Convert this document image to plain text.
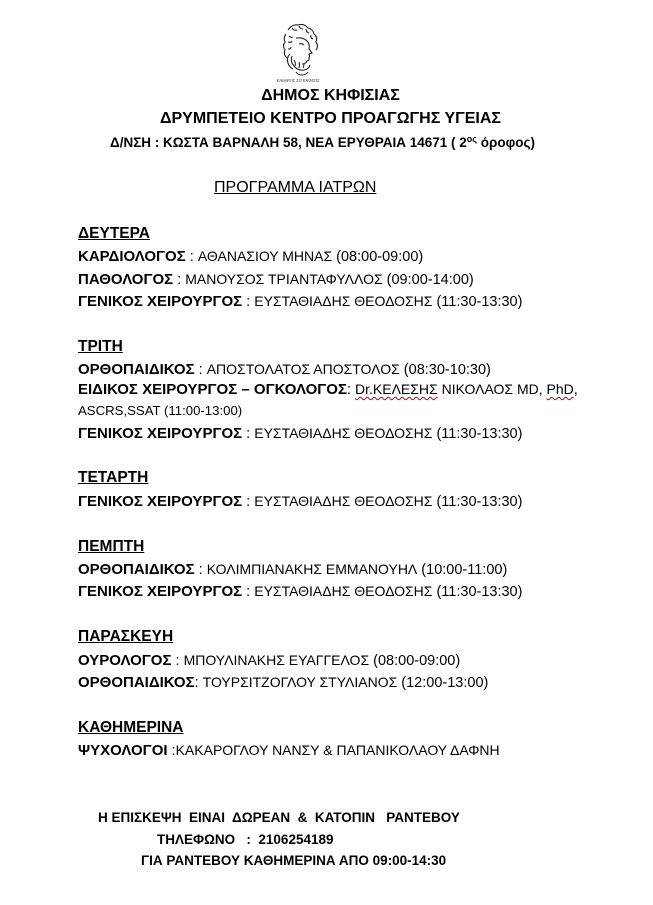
ΚΑΘΑΡΟΣ ΣΠ ΚΗΦΙΣΙΣ
ΔΗΜΟΣ ΚΗΦΙΣΙΑΣ
ΔΡΥΜΠΕΤΕΙΟ ΚΕΝΤΡΟ ΠΡΟΑΓΩΓΗΣ ΥΓΕΙΑΣ
Δ/ΝΣΗ : ΚΩΣΤΑ ΒΑΡΝΑΛΗ 58, ΝΕΑ ΕΡΥΘΡΑΙΑ 14671 ( $2^{o\varsigma}$ όροφος)
ΠΡΟΓΡΑΜΜΑ ΙΑΤΡΩΝ
ΔΕΥΤΕΡΑ
ΚΑΡΔΙΟΛΟΓΟΣ : ΑΘΑΝΑΣΙΟΥ ΜΗΝΑΣ (08:00-09:00)
ΠΑΘΟΛΟΓΟΣ : ΜΑΝΟΥΣΟΣ ΤΡΙΑΝΤΑΦΥΛΛΟΣ (09:00-14:00)
ΓΕΝΙΚΟΣ ΧΕΙΡΟΥΡΓΟΣ : ΕΥΣΤΑΘΙΑΔΗΣ ΘΕΟΔΟΣΗΣ (11:30-13:30)
ΤΡΙΤΗ
ΟΡΘΟΠΑΙΔΙΚΟΣ : ΑΠΟΣΤΟΛΑΤΟΣ ΑΠΟΣΤΟΛΟΣ (08:30-10:30)
ΕΙΔΙΚΟΣ ΧΕΙΡΟΥΡΓΟΣ – ΟΓΚΟΛΟΓΟΣ: Dr.ΚΕΛΕΣΗΣ ΝΙΚΟΛΑΟΣ MD, PhD,
ASCRS,SSAT (11:00-13:00)
ΓΕΝΙΚΟΣ ΧΕΙΡΟΥΡΓΟΣ : ΕΥΣΤΑΘΙΑΔΗΣ ΘΕΟΔΟΣΗΣ (11:30-13:30)
ΤΕΤΑΡΤΗ
ΓΕΝΙΚΟΣ ΧΕΙΡΟΥΡΓΟΣ : ΕΥΣΤΑΘΙΑΔΗΣ ΘΕΟΔΟΣΗΣ (11:30-13:30)
ΠΕΜΠΤΗ
ΟΡΘΟΠΑΙΔΙΚΟΣ : ΚΟΛΙΜΠΙΑΝΑΚΗΣ ΕΜΜΑΝΟΥΗΛ (10:00-11:00)
ΓΕΝΙΚΟΣ ΧΕΙΡΟΥΡΓΟΣ : ΕΥΣΤΑΘΙΑΔΗΣ ΘΕΟΔΟΣΗΣ (11:30-13:30)
ΠΑΡΑΣΚΕΥΗ
ΟΥΡΟΛΟΓΟΣ : ΜΠΟΥΛΙΝΑΚΗΣ ΕΥΑΓΓΕΛΟΣ (08:00-09:00)
ΟΡΘΟΠΑΙΔΙΚΟΣ: ΤΟΥΡΣΙΤΖΟΓΛΟΥ ΣΤΥΛΙΑΝΟΣ (12:00-13:00)
ΚΑΘΗΜΕΡΙΝΑ
ΨΥΧΟΛΟΓΟΙ :ΚΑΚΑΡΟΓΛΟΥ ΝΑΝΣΥ & ΠΑΠΑΝΙΚΟΛΑΟΥ ΔΑΦΝΗ
Η ΕΠΙΣΚΕΨΗ  ΕΙΝΑΙ  ΔΩΡΕΑΝ  &  ΚΑΤΟΠΙΝ   ΡΑΝΤΕΒΟΥ
ΤΗΛΕΦΩΝΟ   :  2106254189
ΓΙΑ ΡΑΝΤΕΒΟΥ ΚΑΘΗΜΕΡΙΝΑ ΑΠΟ 09:00-14:30
